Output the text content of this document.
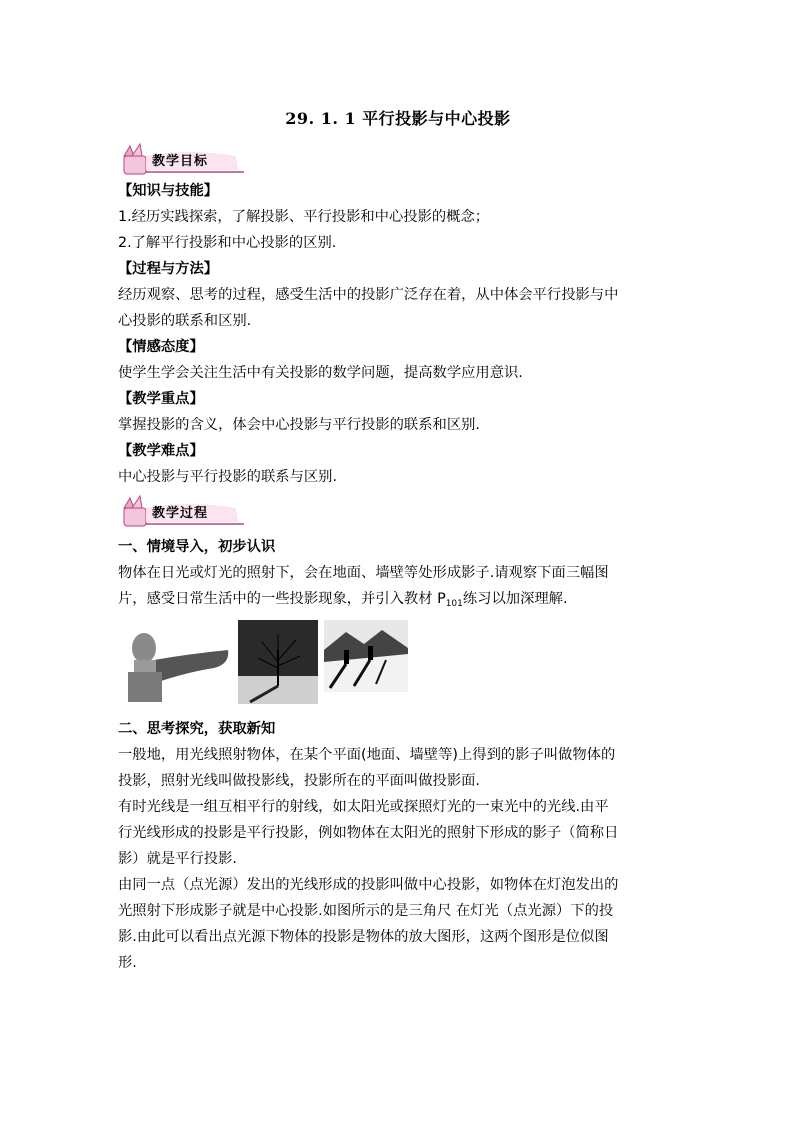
29. 1. 1 平行投影与中心投影
教学目标
【知识与技能】
1.经历实践探索，了解投影、平行投影和中心投影的概念；
2.了解平行投影和中心投影的区别.
【过程与方法】
经历观察、思考的过程，感受生活中的投影广泛存在着，从中体会平行投影与中
心投影的联系和区别.
【情感态度】
使学生学会关注生活中有关投影的数学问题，提高数学应用意识.
【教学重点】
掌握投影的含义，体会中心投影与平行投影的联系和区别.
【教学难点】
中心投影与平行投影的联系与区别.
教学过程
一、情境导入，初步认识
物体在日光或灯光的照射下，会在地面、墙壁等处形成影子.请观察下面三幅图
片，感受日常生活中的一些投影现象，并引入教材 $P_{101}$练习以加深理解.
二、思考探究，获取新知
一般地，用光线照射物体，在某个平面(地面、墙壁等)上得到的影子叫做物体的
投影，照射光线叫做投影线，投影所在的平面叫做投影面.
有时光线是一组互相平行的射线，如太阳光或探照灯光的一束光中的光线.由平
行光线形成的投影是平行投影，例如物体在太阳光的照射下形成的影子（简称日
影）就是平行投影.
由同一点（点光源）发出的光线形成的投影叫做中心投影，如物体在灯泡发出的
光照射下形成影子就是中心投影.如图所示的是三角尺 在灯光（点光源）下的投
影.由此可以看出点光源下物体的投影是物体的放大图形，这两个图形是位似图
形.
